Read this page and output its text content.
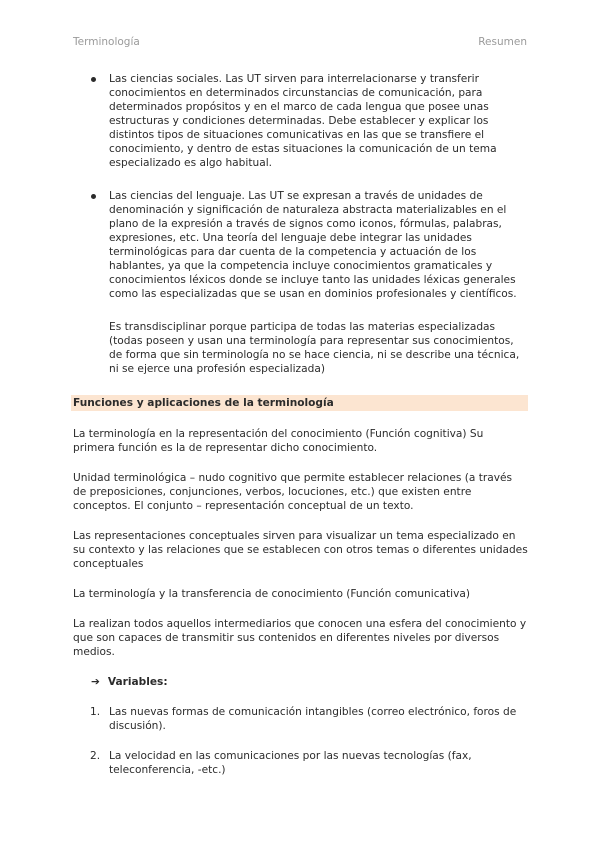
Terminología	Resumen

Las ciencias sociales. Las UT sirven para interrelacionarse y transferir conocimientos en determinados circunstancias de comunicación, para determinados propósitos y en el marco de cada lengua que posee unas estructuras y condiciones determinadas. Debe establecer y explicar los distintos tipos de situaciones comunicativas en las que se transfiere el conocimiento, y dentro de estas situaciones la comunicación de un tema especializado es algo habitual.

Las ciencias del lenguaje. Las UT se expresan a través de unidades de denominación y significación de naturaleza abstracta materializables en el plano de la expresión a través de signos como iconos, fórmulas, palabras, expresiones, etc. Una teoría del lenguaje debe integrar las unidades terminológicas para dar cuenta de la competencia y actuación de los hablantes, ya que la competencia incluye conocimientos gramaticales y conocimientos léxicos donde se incluye tanto las unidades léxicas generales como las especializadas que se usan en dominios profesionales y científicos.

Es transdisciplinar porque participa de todas las materias especializadas (todas poseen y usan una terminología para representar sus conocimientos, de forma que sin terminología no se hace ciencia, ni se describe una técnica, ni se ejerce una profesión especializada)

Funciones y aplicaciones de la terminología

La terminología en la representación del conocimiento (Función cognitiva) Su primera función es la de representar dicho conocimiento.

Unidad terminológica – nudo cognitivo que permite establecer relaciones (a través de preposiciones, conjunciones, verbos, locuciones, etc.) que existen entre conceptos. El conjunto – representación conceptual de un texto.

Las representaciones conceptuales sirven para visualizar un tema especializado en su contexto y las relaciones que se establecen con otros temas o diferentes unidades conceptuales

La terminología y la transferencia de conocimiento (Función comunicativa)

La realizan todos aquellos intermediarios que conocen una esfera del conocimiento y que son capaces de transmitir sus contenidos en diferentes niveles por diversos medios.

➔ Variables:
1. Las nuevas formas de comunicación intangibles (correo electrónico, foros de discusión).
2. La velocidad en las comunicaciones por las nuevas tecnologías (fax, teleconferencia, -etc.)
